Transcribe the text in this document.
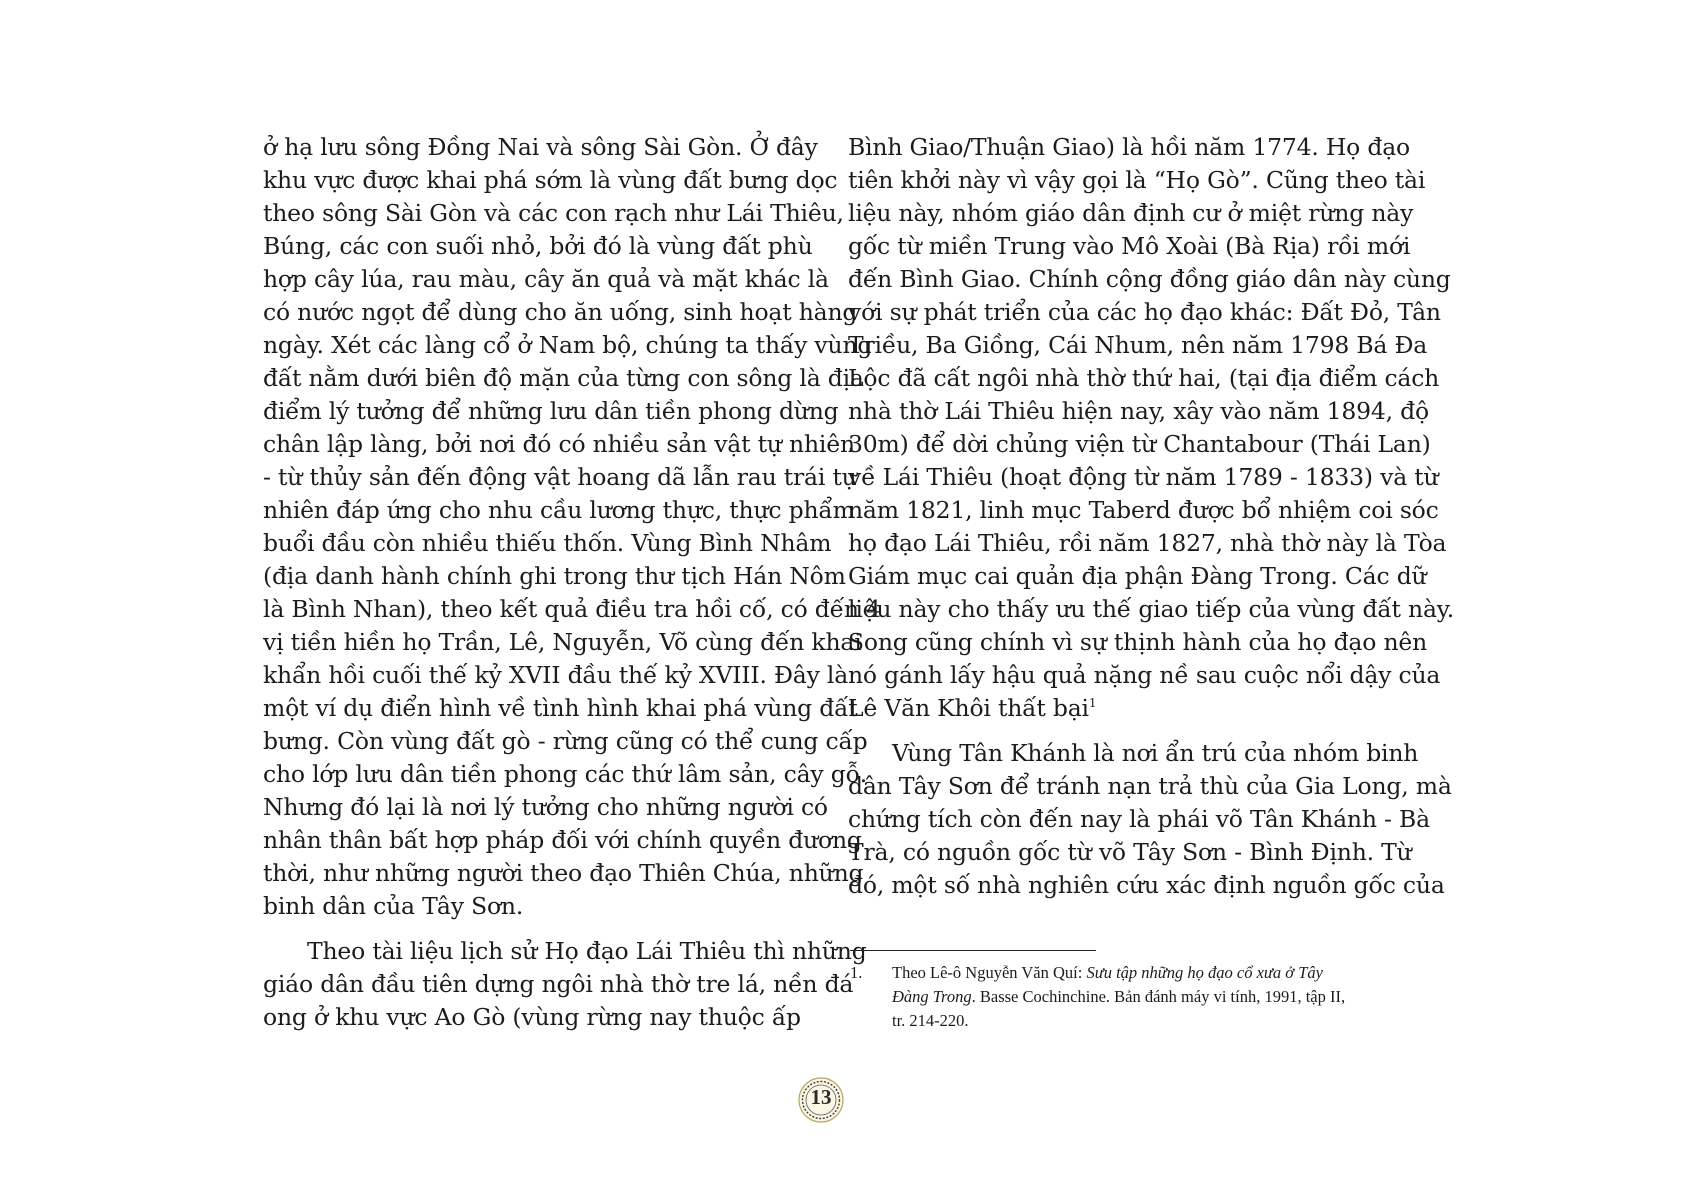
ở hạ lưu sông Đồng Nai và sông Sài Gòn. Ở đây
khu vực được khai phá sớm là vùng đất bưng dọc
theo sông Sài Gòn và các con rạch như Lái Thiêu,
Búng, các con suối nhỏ, bởi đó là vùng đất phù
hợp cây lúa, rau màu, cây ăn quả và mặt khác là
có nước ngọt để dùng cho ăn uống, sinh hoạt hàng
ngày. Xét các làng cổ ở Nam bộ, chúng ta thấy vùng
đất nằm dưới biên độ mặn của từng con sông là địa
điểm lý tưởng để những lưu dân tiền phong dừng
chân lập làng, bởi nơi đó có nhiều sản vật tự nhiên
- từ thủy sản đến động vật hoang dã lẫn rau trái tự
nhiên đáp ứng cho nhu cầu lương thực, thực phẩm
buổi đầu còn nhiều thiếu thốn. Vùng Bình Nhâm
(địa danh hành chính ghi trong thư tịch Hán Nôm
là Bình Nhan), theo kết quả điều tra hồi cố, có đến 4
vị tiền hiền họ Trần, Lê, Nguyễn, Võ cùng đến khai
khẩn hồi cuối thế kỷ XVII đầu thế kỷ XVIII. Đây là
một ví dụ điển hình về tình hình khai phá vùng đất
bưng. Còn vùng đất gò - rừng cũng có thể cung cấp
cho lớp lưu dân tiền phong các thứ lâm sản, cây gỗ.
Nhưng đó lại là nơi lý tưởng cho những người có
nhân thân bất hợp pháp đối với chính quyền đương
thời, như những người theo đạo Thiên Chúa, những
binh dân của Tây Sơn.
Theo tài liệu lịch sử Họ đạo Lái Thiêu thì những
giáo dân đầu tiên dựng ngôi nhà thờ tre lá, nền đá
ong ở khu vực Ao Gò (vùng rừng nay thuộc ấp
Bình Giao/Thuận Giao) là hồi năm 1774. Họ đạo
tiên khởi này vì vậy gọi là “Họ Gò”. Cũng theo tài
liệu này, nhóm giáo dân định cư ở miệt rừng này
gốc từ miền Trung vào Mô Xoài (Bà Rịa) rồi mới
đến Bình Giao. Chính cộng đồng giáo dân này cùng
với sự phát triển của các họ đạo khác: Đất Đỏ, Tân
Triều, Ba Giồng, Cái Nhum, nên năm 1798 Bá Đa
Lộc đã cất ngôi nhà thờ thứ hai, (tại địa điểm cách
nhà thờ Lái Thiêu hiện nay, xây vào năm 1894, độ
30m) để dời chủng viện từ Chantabour (Thái Lan)
về Lái Thiêu (hoạt động từ năm 1789 - 1833) và từ
năm 1821, linh mục Taberd được bổ nhiệm coi sóc
họ đạo Lái Thiêu, rồi năm 1827, nhà thờ này là Tòa
Giám mục cai quản địa phận Đàng Trong. Các dữ
liệu này cho thấy ưu thế giao tiếp của vùng đất này.
Song cũng chính vì sự thịnh hành của họ đạo nên
nó gánh lấy hậu quả nặng nề sau cuộc nổi dậy của
Lê Văn Khôi thất bại$^1$
Vùng Tân Khánh là nơi ẩn trú của nhóm binh
dân Tây Sơn để tránh nạn trả thù của Gia Long, mà
chứng tích còn đến nay là phái võ Tân Khánh - Bà
Trà, có nguồn gốc từ võ Tây Sơn - Bình Định. Từ
đó, một số nhà nghiên cứu xác định nguồn gốc của
1. Theo Lê-ô Nguyễn Văn Quí: Sưu tập những họ đạo cổ xưa ở Tây
Đàng Trong. Basse Cochinchine. Bản đánh máy vi tính, 1991, tập II,
tr. 214-220.
13
